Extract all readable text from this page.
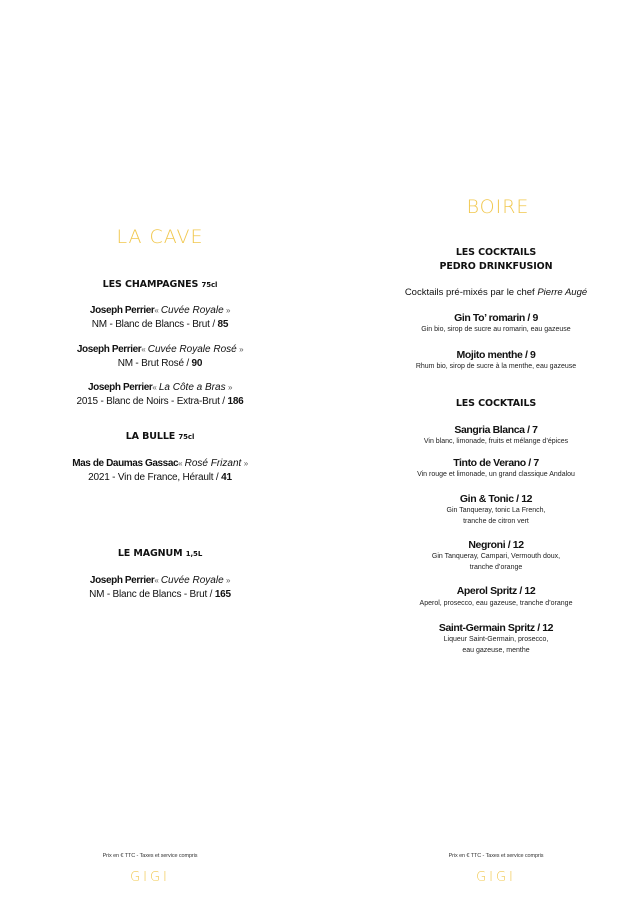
LA CAVE
LES CHAMPAGNES 75cl
Joseph Perrier« Cuvée Royale »
NM - Blanc de Blancs - Brut / 85
Joseph Perrier« Cuvée Royale Rosé »
NM - Brut Rosé / 90
Joseph Perrier« La Côte a Bras »
2015 - Blanc de Noirs - Extra-Brut / 186
LA BULLE 75cl
Mas de Daumas Gassac« Rosé Frizant »
2021 - Vin de France, Hérault / 41
LE MAGNUM 1,5L
Joseph Perrier« Cuvée Royale »
NM - Blanc de Blancs - Brut / 165
Prix en € TTC - Taxes et service compris
GIGI
BOIRE
LES COCKTAILS
PEDRO DRINKFUSION
Cocktails pré-mixés par le chef Pierre Augé
Gin To’ romarin / 9
Gin bio, sirop de sucre au romarin, eau gazeuse
Mojito menthe / 9
Rhum bio, sirop de sucre à la menthe, eau gazeuse
LES COCKTAILS
Sangria Blanca / 7
Vin blanc, limonade, fruits et mélange d’épices
Tinto de Verano / 7
Vin rouge et limonade, un grand classique Andalou
Gin & Tonic / 12
Gin Tanqueray, tonic La French,
tranche de citron vert
Negroni / 12
Gin Tanqueray, Campari, Vermouth doux,
tranche d’orange
Aperol Spritz / 12
Aperol, prosecco, eau gazeuse, tranche d’orange
Saint-Germain Spritz / 12
Liqueur Saint-Germain, prosecco,
eau gazeuse, menthe
Prix en € TTC - Taxes et service compris
GIGI
